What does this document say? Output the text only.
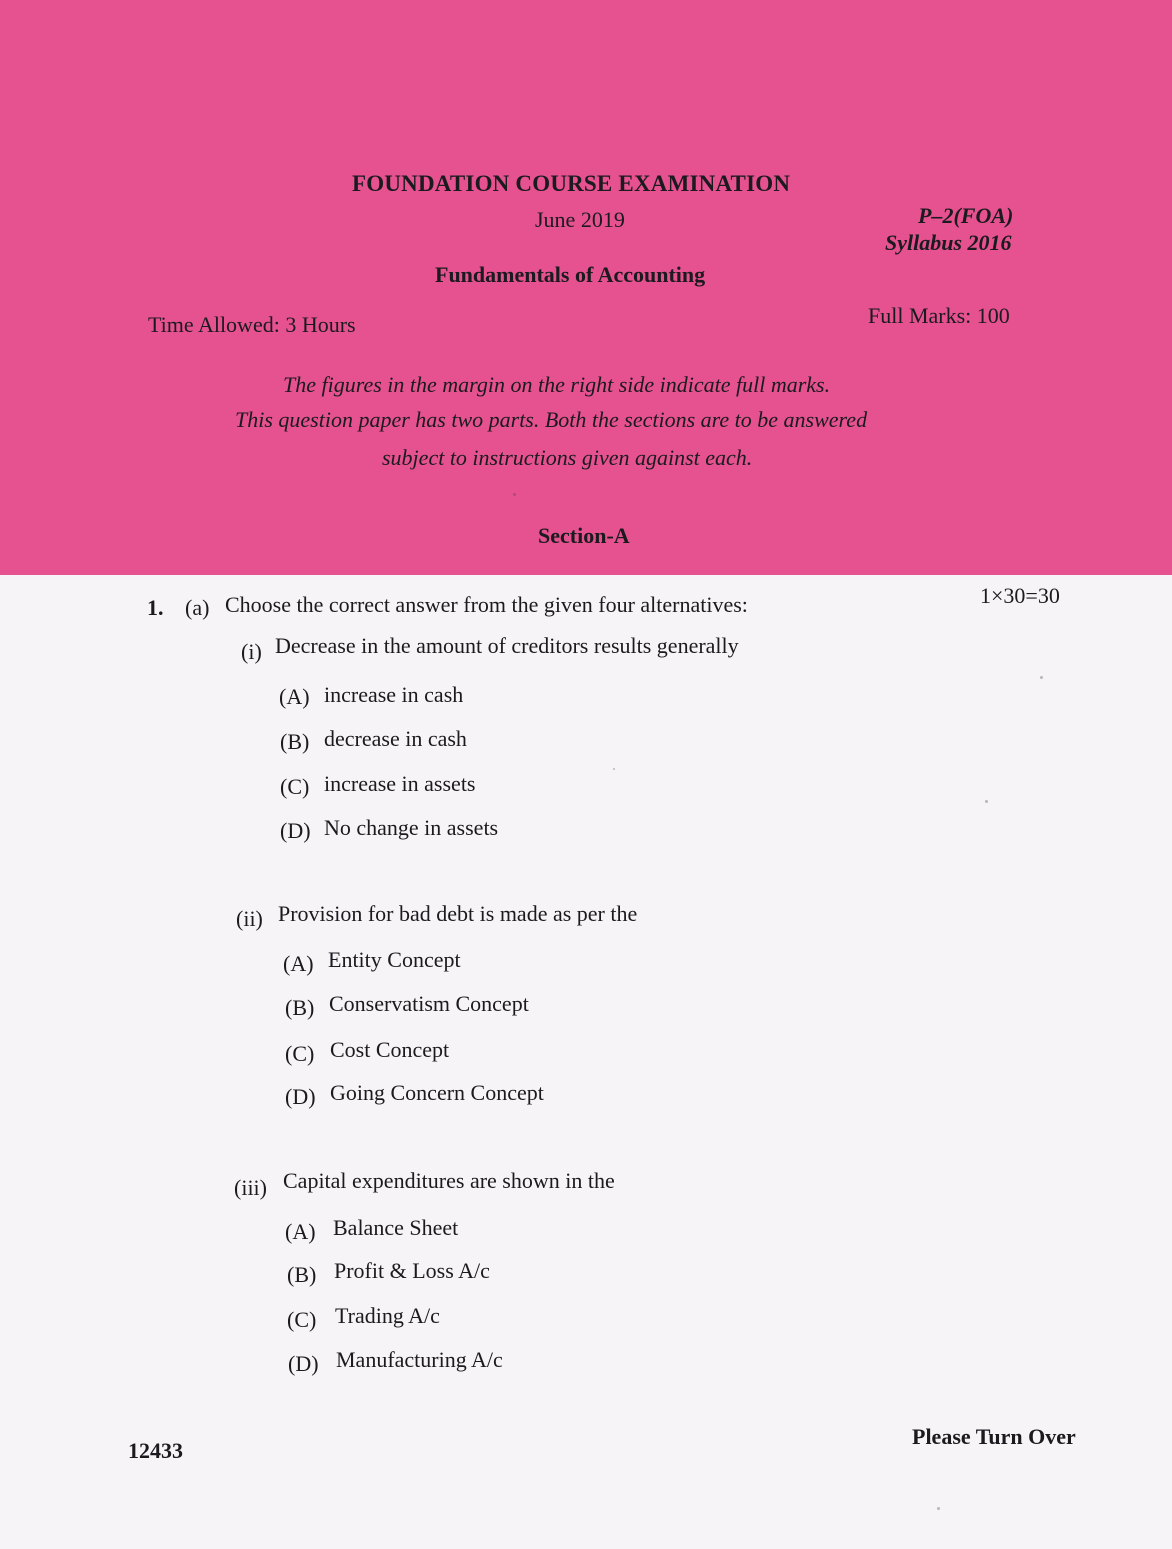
FOUNDATION COURSE EXAMINATION
June 2019	P–2(FOA)
Syllabus 2016
Fundamentals of Accounting
Time Allowed: 3 Hours	Full Marks: 100
The figures in the margin on the right side indicate full marks.
This question paper has two parts. Both the sections are to be answered
subject to instructions given against each.
Section-A
1. (a) Choose the correct answer from the given four alternatives:	1×30=30
(i) Decrease in the amount of creditors results generally
(A) increase in cash
(B) decrease in cash
(C) increase in assets
(D) No change in assets
(ii) Provision for bad debt is made as per the
(A) Entity Concept
(B) Conservatism Concept
(C) Cost Concept
(D) Going Concern Concept
(iii) Capital expenditures are shown in the
(A) Balance Sheet
(B) Profit & Loss A/c
(C) Trading A/c
(D) Manufacturing A/c
12433
Please Turn Over
